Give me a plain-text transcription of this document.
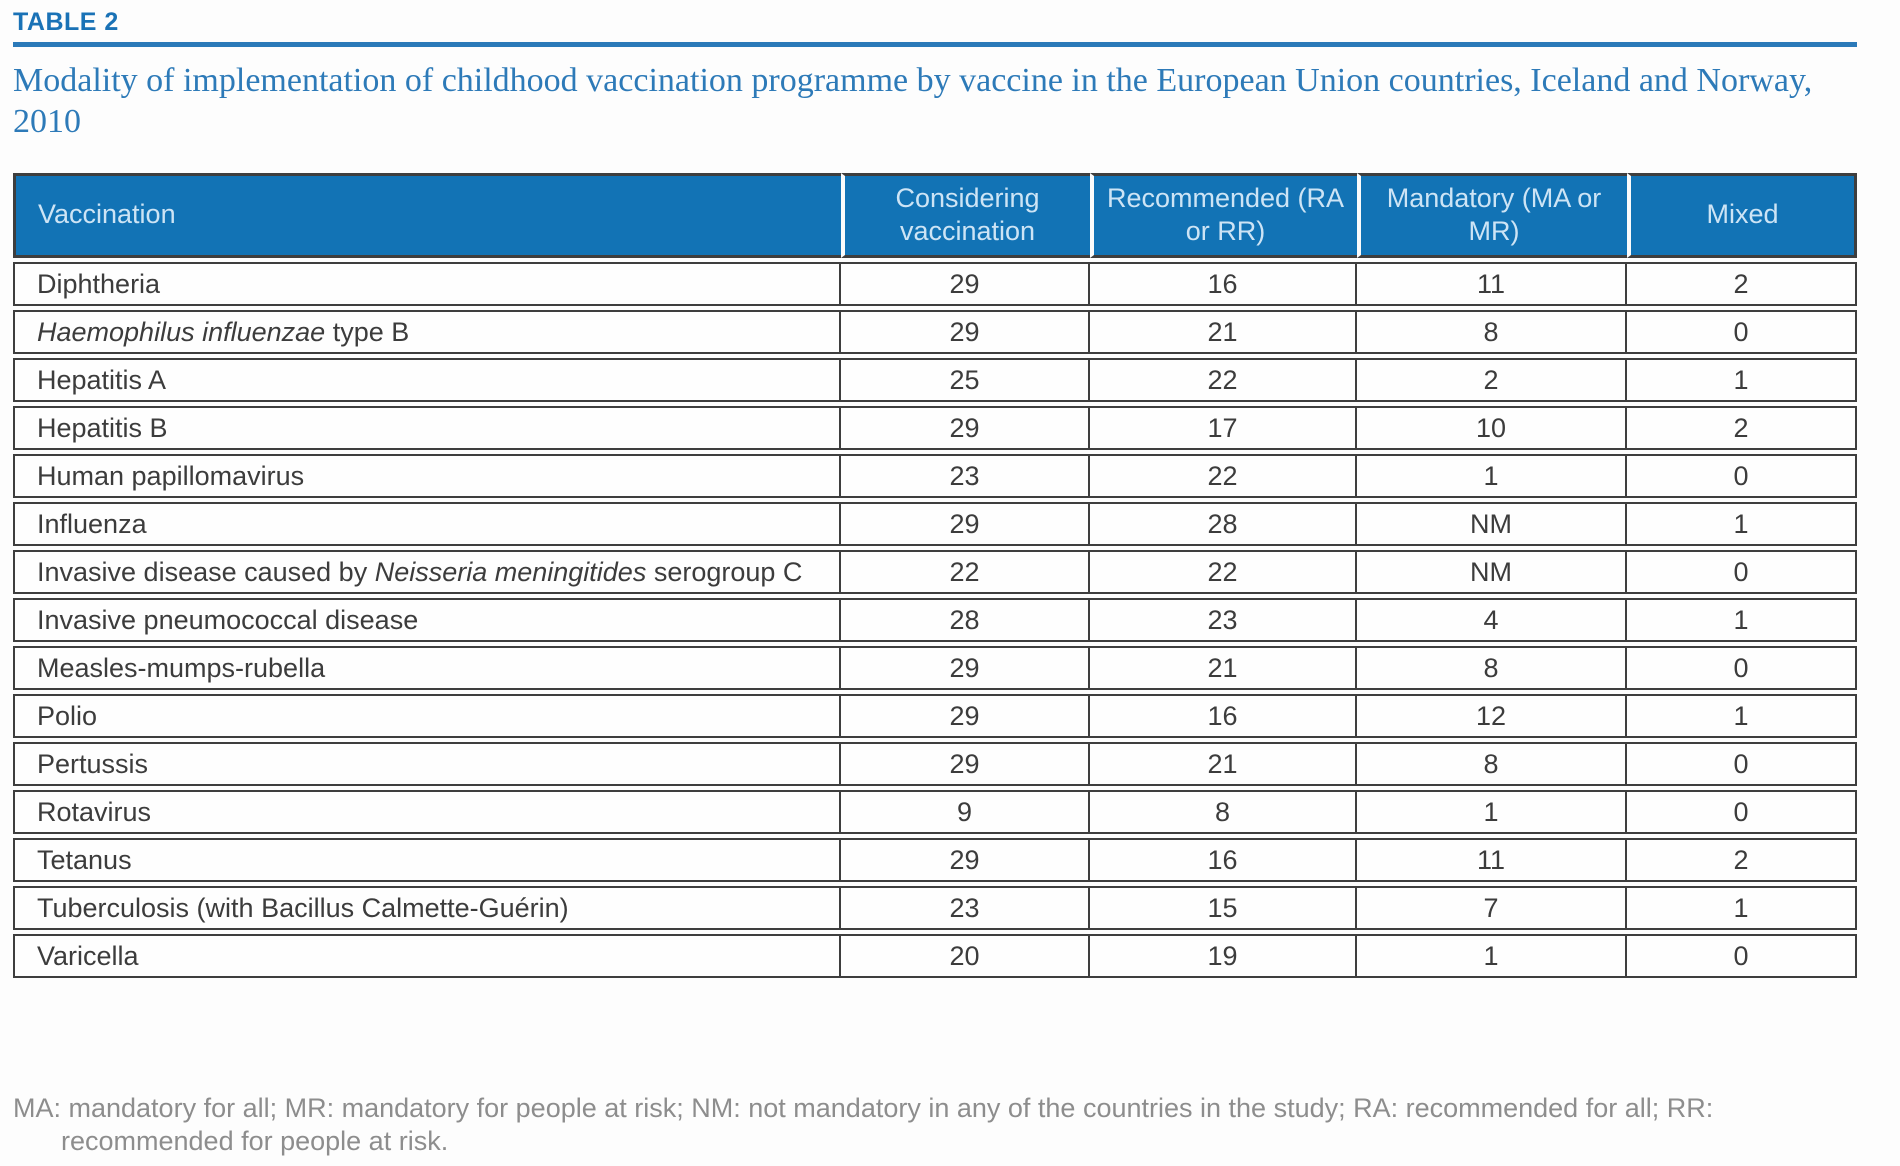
TABLE 2
Modality of implementation of childhood vaccination programme by vaccine in the European Union countries, Iceland and Norway, 2010
Vaccination	Considering vaccination	Recommended (RA or RR)	Mandatory (MA or MR)	Mixed
Diphtheria	29	16	11	2
Haemophilus influenzae type B	29	21	8	0
Hepatitis A	25	22	2	1
Hepatitis B	29	17	10	2
Human papillomavirus	23	22	1	0
Influenza	29	28	NM	1
Invasive disease caused by Neisseria meningitides serogroup C	22	22	NM	0
Invasive pneumococcal disease	28	23	4	1
Measles-mumps-rubella	29	21	8	0
Polio	29	16	12	1
Pertussis	29	21	8	0
Rotavirus	9	8	1	0
Tetanus	29	16	11	2
Tuberculosis (with Bacillus Calmette-Guérin)	23	15	7	1
Varicella	20	19	1	0
MA: mandatory for all; MR: mandatory for people at risk; NM: not mandatory in any of the countries in the study; RA: recommended for all; RR: recommended for people at risk.
